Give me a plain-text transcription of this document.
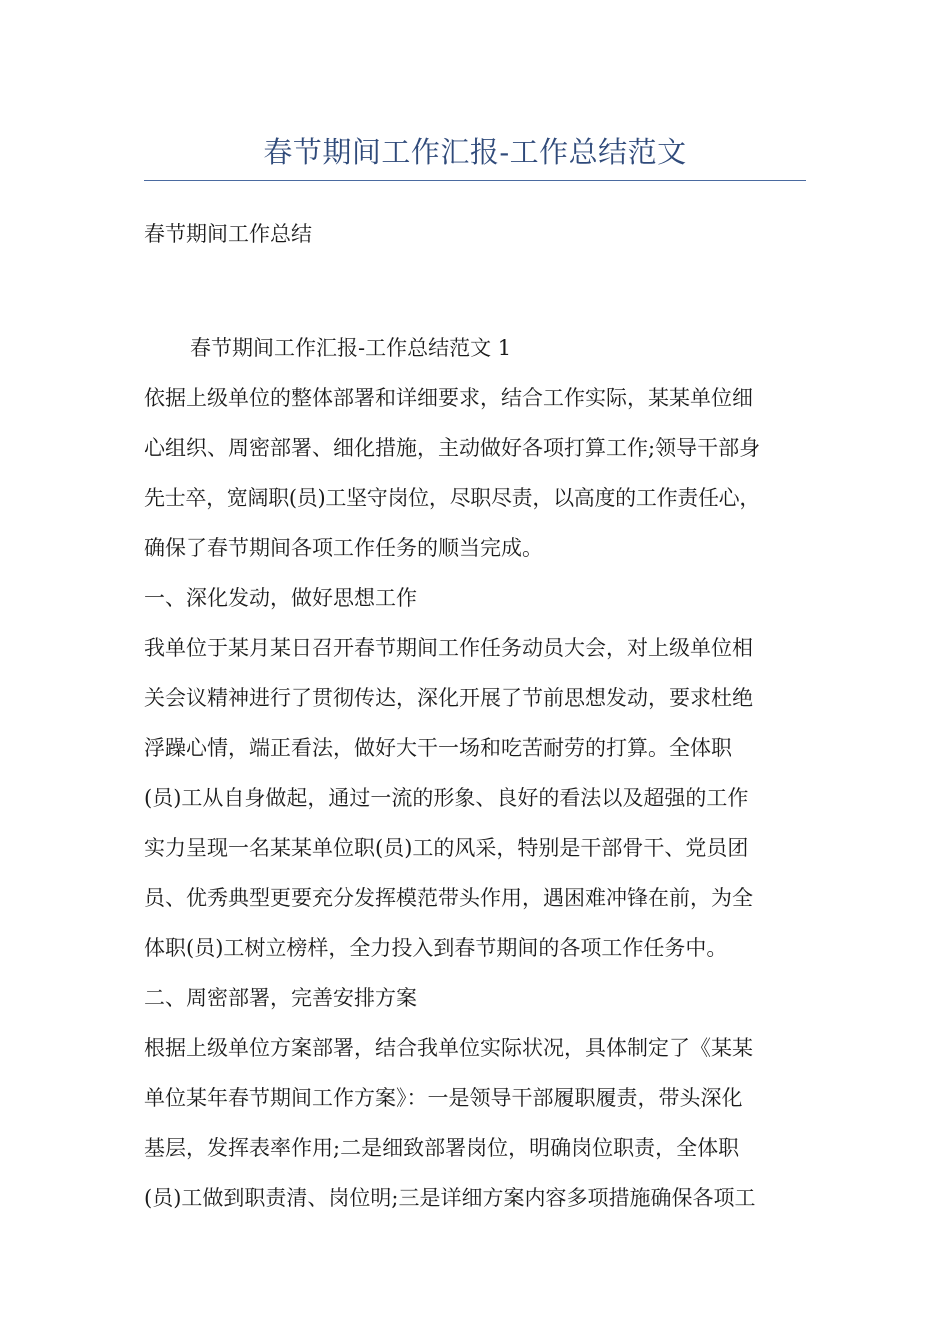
春节期间工作汇报-工作总结范文
春节期间工作总结
春节期间工作汇报-工作总结范文 1
依据上级单位的整体部署和详细要求，结合工作实际，某某单位细
心组织、周密部署、细化措施，主动做好各项打算工作;领导干部身
先士卒，宽阔职(员)工坚守岗位，尽职尽责，以高度的工作责任心，
确保了春节期间各项工作任务的顺当完成。
一、深化发动，做好思想工作
我单位于某月某日召开春节期间工作任务动员大会，对上级单位相
关会议精神进行了贯彻传达，深化开展了节前思想发动，要求杜绝
浮躁心情，端正看法，做好大干一场和吃苦耐劳的打算。全体职
(员)工从自身做起，通过一流的形象、良好的看法以及超强的工作
实力呈现一名某某单位职(员)工的风采，特别是干部骨干、党员团
员、优秀典型更要充分发挥模范带头作用，遇困难冲锋在前，为全
体职(员)工树立榜样，全力投入到春节期间的各项工作任务中。
二、周密部署，完善安排方案
根据上级单位方案部署，结合我单位实际状况，具体制定了《某某
单位某年春节期间工作方案》：一是领导干部履职履责，带头深化
基层，发挥表率作用;二是细致部署岗位，明确岗位职责，全体职
(员)工做到职责清、岗位明;三是详细方案内容多项措施确保各项工
